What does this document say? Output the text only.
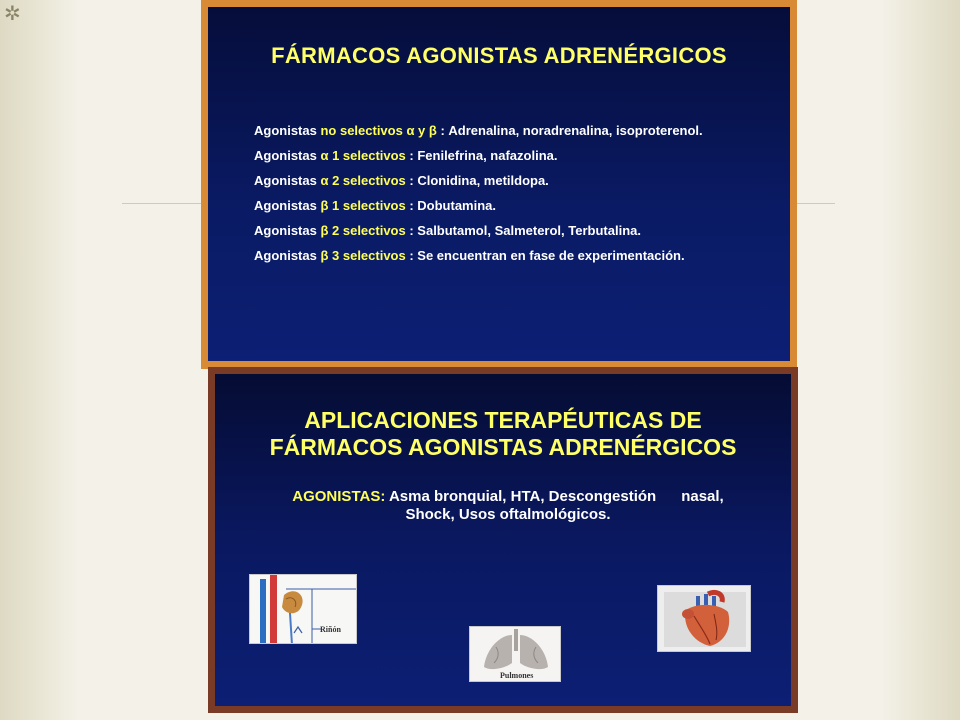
✲
FÁRMACOS AGONISTAS ADRENÉRGICOS
Agonistas no selectivos α y β : Adrenalina, noradrenalina, isoproterenol.
Agonistas α 1 selectivos : Fenilefrina, nafazolina.
Agonistas α 2 selectivos : Clonidina, metildopa.
Agonistas β 1 selectivos : Dobutamina.
Agonistas β 2 selectivos : Salbutamol, Salmeterol, Terbutalina.
Agonistas β 3 selectivos : Se encuentran en fase de experimentación.
APLICACIONES TERAPÉUTICAS DE
FÁRMACOS AGONISTAS ADRENÉRGICOS
AGONISTAS: Asma bronquial, HTA, Descongestión      nasal,
Shock, Usos oftalmológicos.
Riñón
Pulmones
